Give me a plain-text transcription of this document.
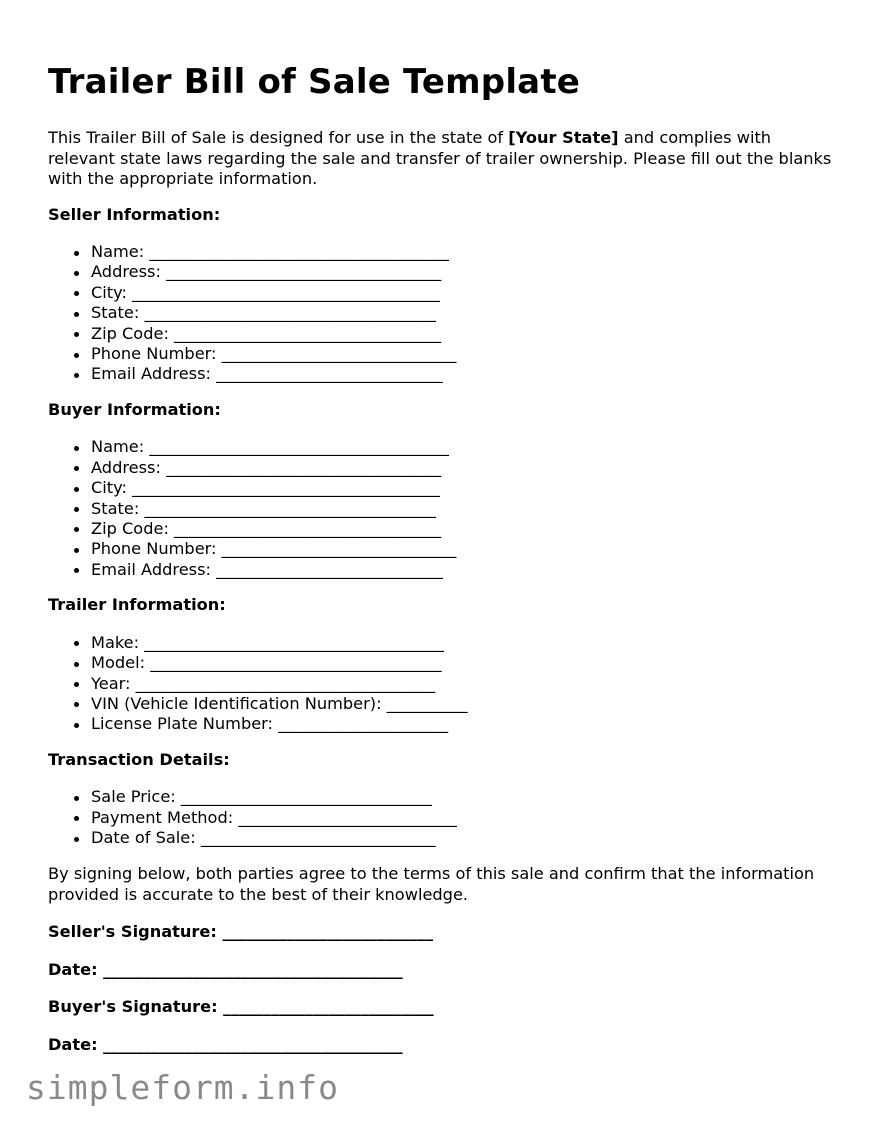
Trailer Bill of Sale Template

This Trailer Bill of Sale is designed for use in the state of [Your State] and complies with relevant state laws regarding the sale and transfer of trailer ownership. Please fill out the blanks with the appropriate information.

Seller Information:

Name: _____________________________________
Address: __________________________________
City: ______________________________________
State: ____________________________________
Zip Code: _________________________________
Phone Number: _____________________________
Email Address: ____________________________

Buyer Information:

Name: _____________________________________
Address: __________________________________
City: ______________________________________
State: ____________________________________
Zip Code: _________________________________
Phone Number: _____________________________
Email Address: ____________________________

Trailer Information:

Make: _____________________________________
Model: ____________________________________
Year: _____________________________________
VIN (Vehicle Identification Number): __________
License Plate Number: _____________________

Transaction Details:

Sale Price: _______________________________
Payment Method: ___________________________
Date of Sale: _____________________________

By signing below, both parties agree to the terms of this sale and confirm that the information provided is accurate to the best of their knowledge.

Seller's Signature: __________________________

Date: _____________________________________

Buyer's Signature: __________________________

Date: _____________________________________

simpleform.info
